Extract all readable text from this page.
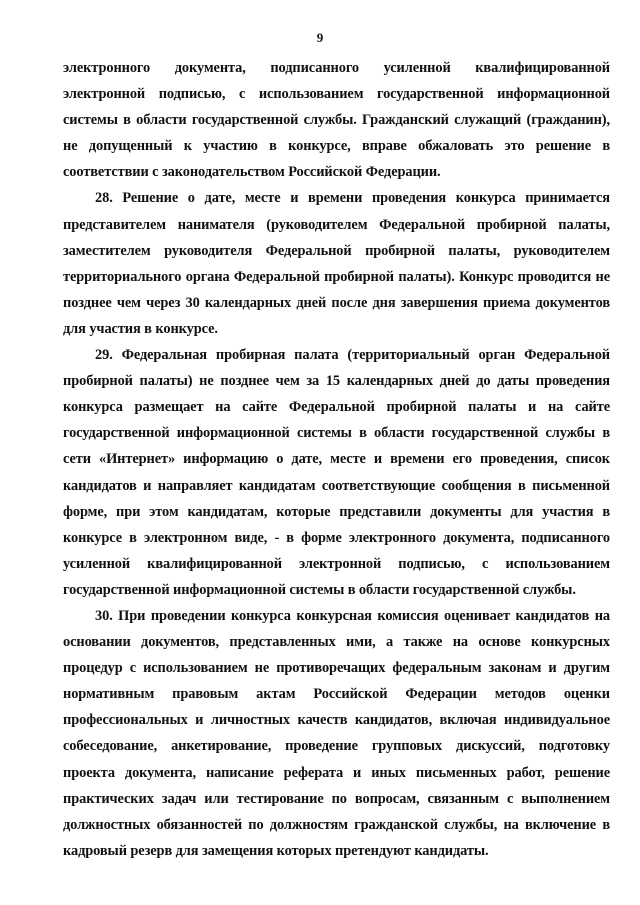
9

электронного документа, подписанного усиленной квалифицированной электронной подписью, с использованием государственной информационной системы в области государственной службы. Гражданский служащий (гражданин), не допущенный к участию в конкурсе, вправе обжаловать это решение в соответствии с законодательством Российской Федерации.

28. Решение о дате, месте и времени проведения конкурса принимается представителем нанимателя (руководителем Федеральной пробирной палаты, заместителем руководителя Федеральной пробирной палаты, руководителем территориального органа Федеральной пробирной палаты). Конкурс проводится не позднее чем через 30 календарных дней после дня завершения приема документов для участия в конкурсе.

29. Федеральная пробирная палата (территориальный орган Федеральной пробирной палаты) не позднее чем за 15 календарных дней до даты проведения конкурса размещает на сайте Федеральной пробирной палаты и на сайте государственной информационной системы в области государственной службы в сети «Интернет» информацию о дате, месте и времени его проведения, список кандидатов и направляет кандидатам соответствующие сообщения в письменной форме, при этом кандидатам, которые представили документы для участия в конкурсе в электронном виде, - в форме электронного документа, подписанного усиленной квалифицированной электронной подписью, с использованием государственной информационной системы в области государственной службы.

30. При проведении конкурса конкурсная комиссия оценивает кандидатов на основании документов, представленных ими, а также на основе конкурсных процедур с использованием не противоречащих федеральным законам и другим нормативным правовым актам Российской Федерации методов оценки профессиональных и личностных качеств кандидатов, включая индивидуальное собеседование, анкетирование, проведение групповых дискуссий, подготовку проекта документа, написание реферата и иных письменных работ, решение практических задач или тестирование по вопросам, связанным с выполнением должностных обязанностей по должностям гражданской службы, на включение в кадровый резерв для замещения которых претендуют кандидаты.
